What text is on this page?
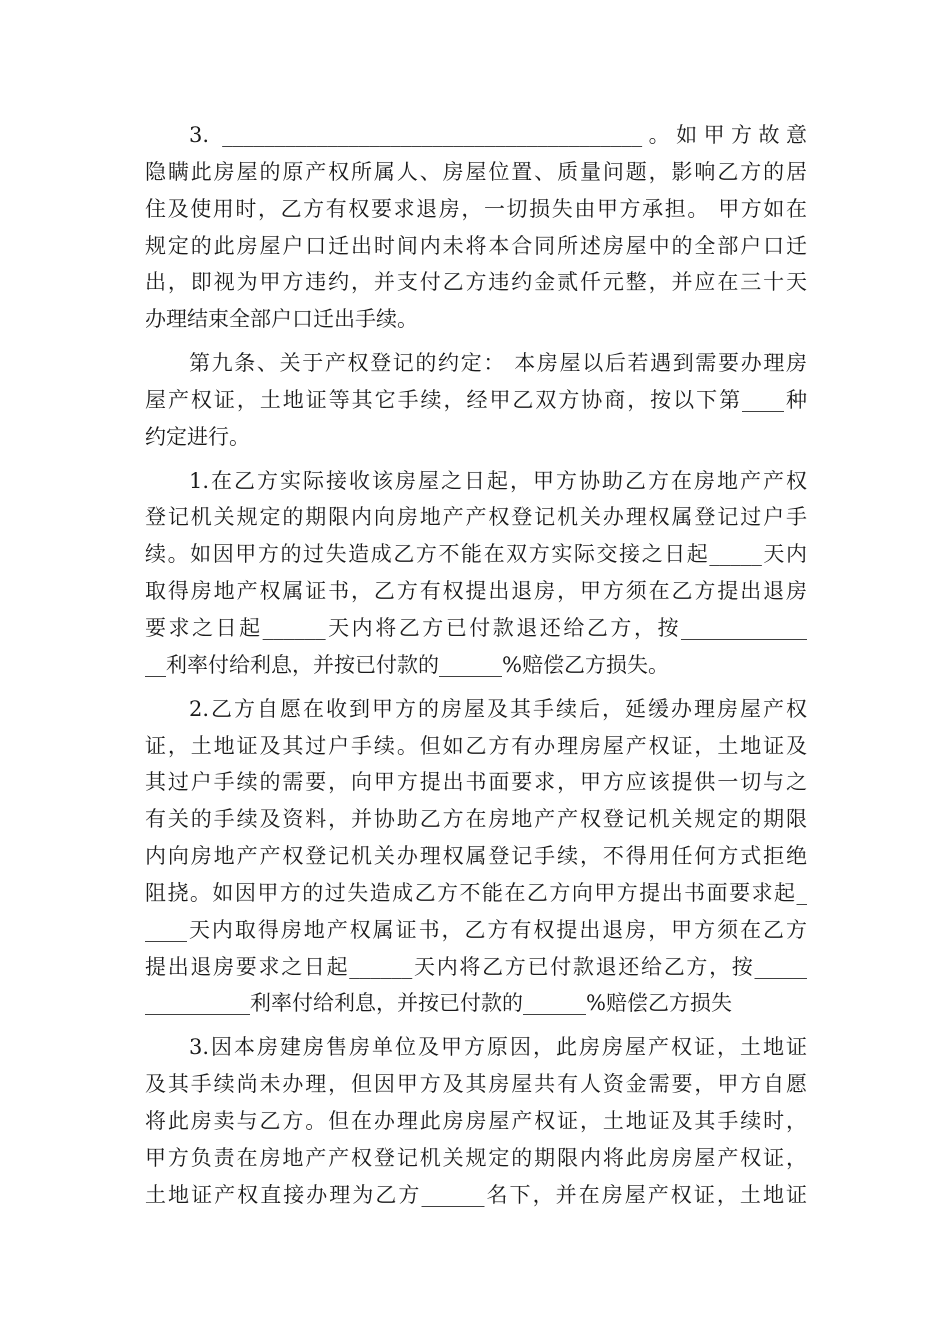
3. ________________________________________。如甲方故意
隐瞒此房屋的原产权所属人、房屋位置、质量问题，影响乙方的居
住及使用时，乙方有权要求退房，一切损失由甲方承担。 甲方如在
规定的此房屋户口迁出时间内未将本合同所述房屋中的全部户口迁
出，即视为甲方违约，并支付乙方违约金贰仟元整，并应在三十天
办理结束全部户口迁出手续。
第九条、关于产权登记的约定： 本房屋以后若遇到需要办理房
屋产权证，土地证等其它手续，经甲乙双方协商，按以下第____种
约定进行。
1.在乙方实际接收该房屋之日起，甲方协助乙方在房地产产权
登记机关规定的期限内向房地产产权登记机关办理权属登记过户手
续。如因甲方的过失造成乙方不能在双方实际交接之日起_____天内
取得房地产权属证书，乙方有权提出退房，甲方须在乙方提出退房
要求之日起______天内将乙方已付款退还给乙方，按____________
__利率付给利息，并按已付款的______%赔偿乙方损失。
2.乙方自愿在收到甲方的房屋及其手续后，延缓办理房屋产权
证，土地证及其过户手续。但如乙方有办理房屋产权证，土地证及
其过户手续的需要，向甲方提出书面要求，甲方应该提供一切与之
有关的手续及资料，并协助乙方在房地产产权登记机关规定的期限
内向房地产产权登记机关办理权属登记手续，不得用任何方式拒绝
阻挠。如因甲方的过失造成乙方不能在乙方向甲方提出书面要求起_
____天内取得房地产权属证书，乙方有权提出退房，甲方须在乙方
提出退房要求之日起______天内将乙方已付款退还给乙方，按_____
__________利率付给利息，并按已付款的______%赔偿乙方损失
3.因本房建房售房单位及甲方原因，此房房屋产权证，土地证
及其手续尚未办理，但因甲方及其房屋共有人资金需要，甲方自愿
将此房卖与乙方。但在办理此房房屋产权证，土地证及其手续时，
甲方负责在房地产产权登记机关规定的期限内将此房房屋产权证，
土地证产权直接办理为乙方______名下，并在房屋产权证，土地证
